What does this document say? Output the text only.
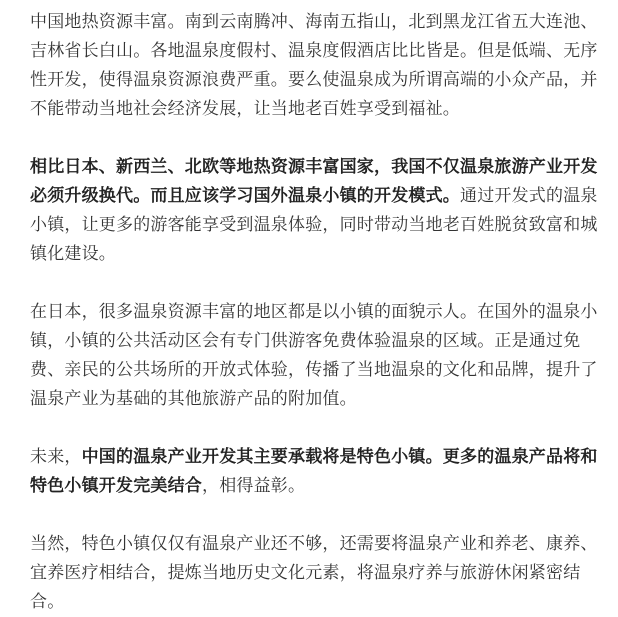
中国地热资源丰富。南到云南腾冲、海南五指山，北到黑龙江省五大连池、吉林省长白山。各地温泉度假村、温泉度假酒店比比皆是。但是低端、无序性开发，使得温泉资源浪费严重。要么使温泉成为所谓高端的小众产品，并不能带动当地社会经济发展，让当地老百姓享受到福祉。

相比日本、新西兰、北欧等地热资源丰富国家，我国不仅温泉旅游产业开发必须升级换代。而且应该学习国外温泉小镇的开发模式。通过开发式的温泉小镇，让更多的游客能享受到温泉体验，同时带动当地老百姓脱贫致富和城镇化建设。

在日本，很多温泉资源丰富的地区都是以小镇的面貌示人。在国外的温泉小镇，小镇的公共活动区会有专门供游客免费体验温泉的区域。正是通过免费、亲民的公共场所的开放式体验，传播了当地温泉的文化和品牌，提升了温泉产业为基础的其他旅游产品的附加值。

未来，中国的温泉产业开发其主要承载将是特色小镇。更多的温泉产品将和特色小镇开发完美结合，相得益彰。

当然，特色小镇仅仅有温泉产业还不够，还需要将温泉产业和养老、康养、宜养医疗相结合，提炼当地历史文化元素，将温泉疗养与旅游休闲紧密结合。
